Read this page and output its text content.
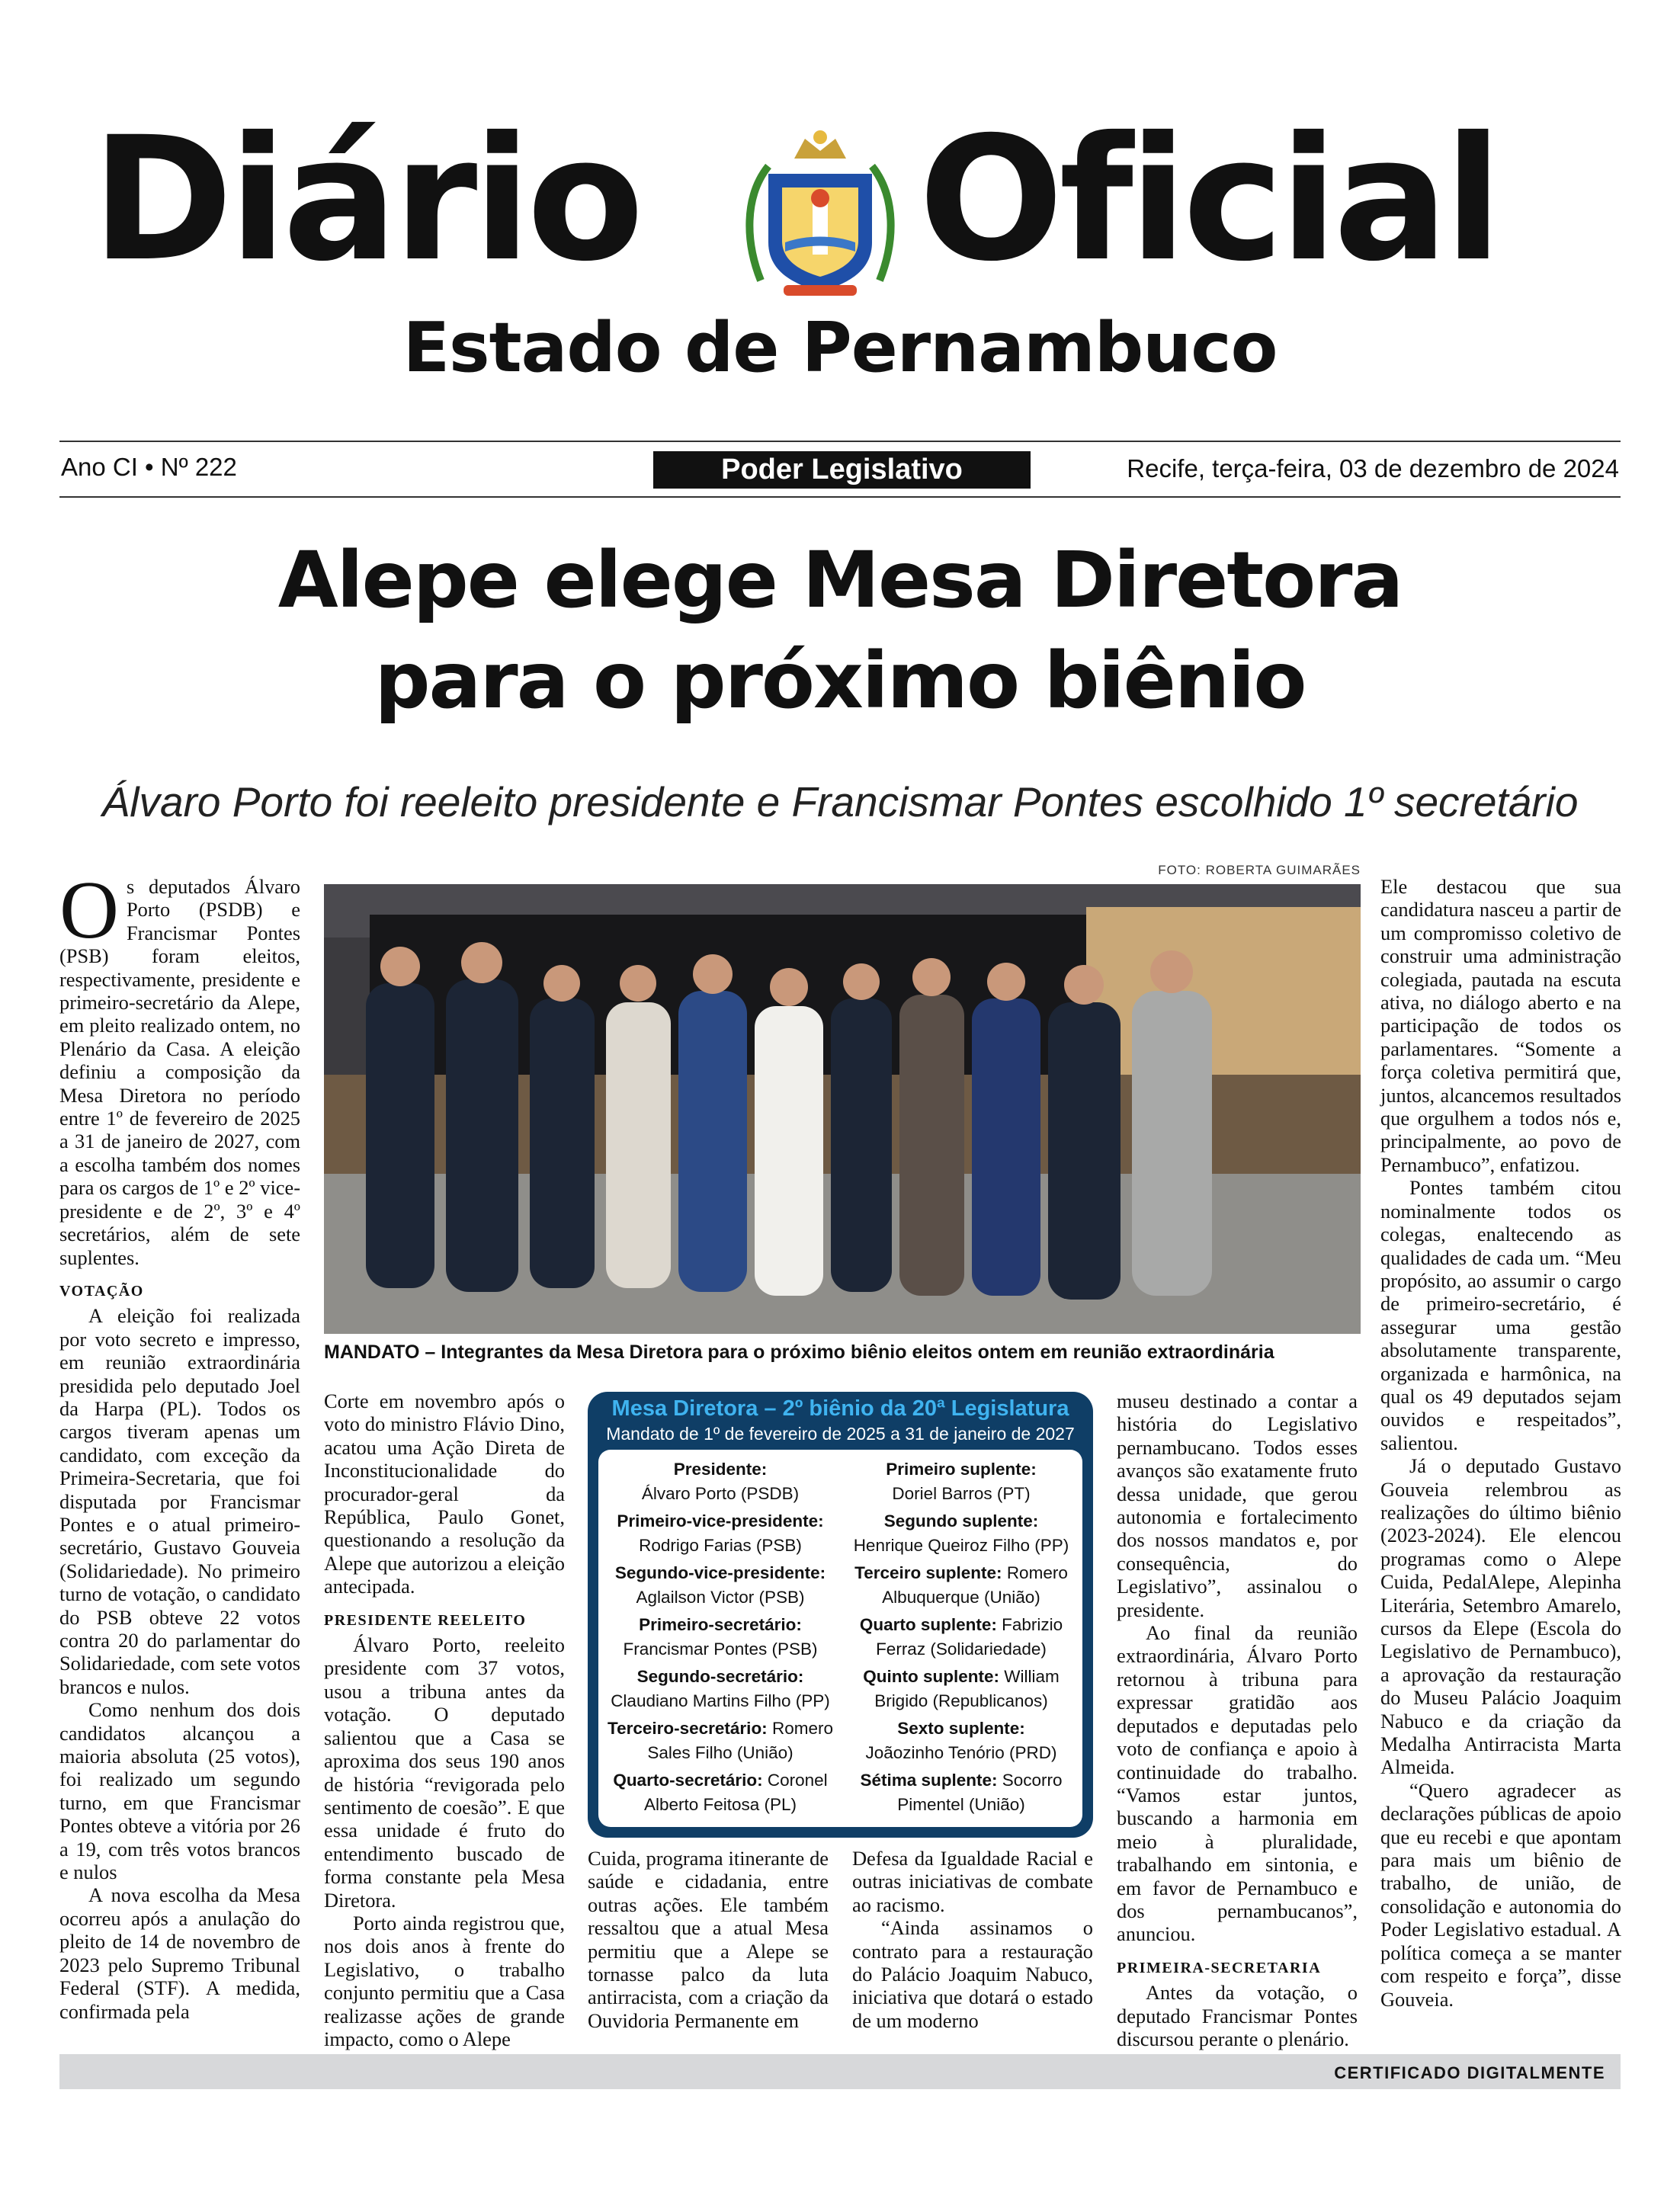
Diário Oficial
Estado de Pernambuco
Ano CI • Nº 222	Poder Legislativo	Recife, terça-feira, 03 de dezembro de 2024
Alepe elege Mesa Diretora
para o próximo biênio
Álvaro Porto foi reeleito presidente e Francismar Pontes escolhido 1º secretário

Os deputados Álvaro Porto (PSDB) e Francismar Pontes (PSB) foram eleitos, respectivamente, presidente e primeiro-secretário da Alepe, em pleito realizado ontem, no Plenário da Casa. A eleição definiu a composição da Mesa Diretora no período entre 1º de fevereiro de 2025 a 31 de janeiro de 2027, com a escolha também dos nomes para os cargos de 1º e 2º vice-presidente e de 2º, 3º e 4º secretários, além de sete suplentes.

VOTAÇÃO

A eleição foi realizada por voto secreto e impresso, em reunião extraordinária presidida pelo deputado Joel da Harpa (PL). Todos os cargos tiveram apenas um candidato, com exceção da Primeira-Secretaria, que foi disputada por Francismar Pontes e o atual primeiro-secretário, Gustavo Gouveia (Solidariedade). No primeiro turno de votação, o candidato do PSB obteve 22 votos contra 20 do parlamentar do Solidariedade, com sete votos brancos e nulos.

Como nenhum dos dois candidatos alcançou a maioria absoluta (25 votos), foi realizado um segundo turno, em que Francismar Pontes obteve a vitória por 26 a 19, com três votos brancos e nulos

A nova escolha da Mesa ocorreu após a anulação do pleito de 14 de novembro de 2023 pelo Supremo Tribunal Federal (STF). A medida, confirmada pela

FOTO: ROBERTA GUIMARÃES
MANDATO – Integrantes da Mesa Diretora para o próximo biênio eleitos ontem em reunião extraordinária

Corte em novembro após o voto do ministro Flávio Dino, acatou uma Ação Direta de Inconstitucionalidade do procurador-geral da República, Paulo Gonet, questionando a resolução da Alepe que autorizou a eleição antecipada.

PRESIDENTE REELEITO

Álvaro Porto, reeleito presidente com 37 votos, usou a tribuna antes da votação. O deputado salientou que a Casa se aproxima dos seus 190 anos de história “revigorada pelo sentimento de coesão”. E que essa unidade é fruto do entendimento buscado de forma constante pela Mesa Diretora.

Porto ainda registrou que, nos dois anos à frente do Legislativo, o trabalho conjunto permitiu que a Casa realizasse ações de grande impacto, como o Alepe

Mesa Diretora – 2º biênio da 20ª Legislatura
Mandato de 1º de fevereiro de 2025 a 31 de janeiro de 2027
Presidente:
Álvaro Porto (PSDB)
Primeiro-vice-presidente:
Rodrigo Farias (PSB)
Segundo-vice-presidente:
Aglailson Victor (PSB)
Primeiro-secretário:
Francismar Pontes (PSB)
Segundo-secretário:
Claudiano Martins Filho (PP)
Terceiro-secretário: Romero Sales Filho (União)
Quarto-secretário: Coronel Alberto Feitosa (PL)
Primeiro suplente:
Doriel Barros (PT)
Segundo suplente:
Henrique Queiroz Filho (PP)
Terceiro suplente: Romero Albuquerque (União)
Quarto suplente: Fabrizio Ferraz (Solidariedade)
Quinto suplente: William Brigido (Republicanos)
Sexto suplente:
Joãozinho Tenório (PRD)
Sétima suplente: Socorro Pimentel (União)

Cuida, programa itinerante de saúde e cidadania, entre outras ações. Ele também ressaltou que a atual Mesa permitiu que a Alepe se tornasse palco da luta antirracista, com a criação da Ouvidoria Permanente em

Defesa da Igualdade Racial e outras iniciativas de combate ao racismo.

“Ainda assinamos o contrato para a restauração do Palácio Joaquim Nabuco, iniciativa que dotará o estado de um moderno

museu destinado a contar a história do Legislativo pernambucano. Todos esses avanços são exatamente fruto dessa unidade, que gerou autonomia e fortalecimento dos nossos mandatos e, por consequência, do Legislativo”, assinalou o presidente.

Ao final da reunião extraordinária, Álvaro Porto retornou à tribuna para expressar gratidão aos deputados e deputadas pelo voto de confiança e apoio à continuidade do trabalho. “Vamos estar juntos, buscando a harmonia em meio à pluralidade, trabalhando em sintonia, e em favor de Pernambuco e dos pernambucanos”, anunciou.

PRIMEIRA-SECRETARIA

Antes da votação, o deputado Francismar Pontes discursou perante o plenário.

Ele destacou que sua candidatura nasceu a partir de um compromisso coletivo de construir uma administração colegiada, pautada na escuta ativa, no diálogo aberto e na participação de todos os parlamentares. “Somente a força coletiva permitirá que, juntos, alcancemos resultados que orgulhem a todos nós e, principalmente, ao povo de Pernambuco”, enfatizou.

Pontes também citou nominalmente todos os colegas, enaltecendo as qualidades de cada um. “Meu propósito, ao assumir o cargo de primeiro-secretário, é assegurar uma gestão absolutamente transparente, organizada e harmônica, na qual os 49 deputados sejam ouvidos e respeitados”, salientou.

Já o deputado Gustavo Gouveia relembrou as realizações do último biênio (2023-2024). Ele elencou programas como o Alepe Cuida, PedalAlepe, Alepinha Literária, Setembro Amarelo, cursos da Elepe (Escola do Legislativo de Pernambuco), a aprovação da restauração do Museu Palácio Joaquim Nabuco e da criação da Medalha Antirracista Marta Almeida.

“Quero agradecer as declarações públicas de apoio que eu recebi e que apontam para mais um biênio de trabalho, de união, de consolidação e autonomia do Poder Legislativo estadual. A política começa a se manter com respeito e força”, disse Gouveia.

CERTIFICADO DIGITALMENTE
